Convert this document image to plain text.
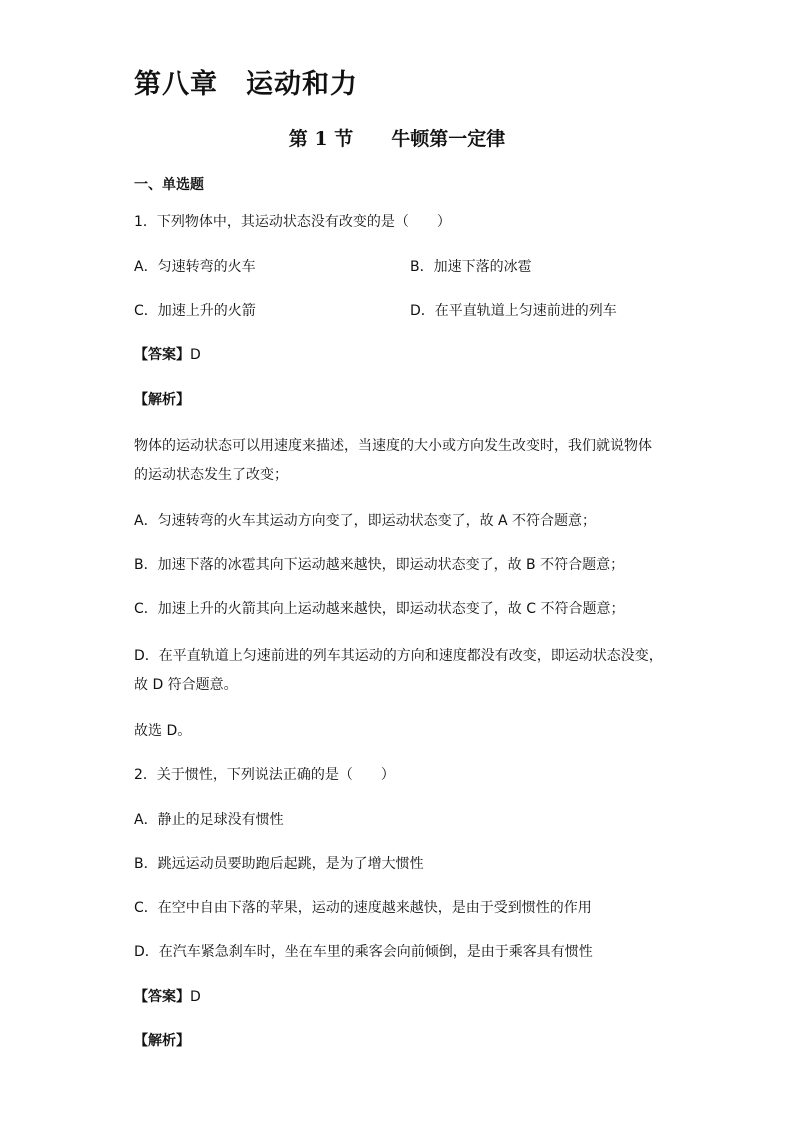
第八章　运动和力
第 1 节　　牛顿第一定律
一、单选题
1．下列物体中，其运动状态没有改变的是（　　）
A．匀速转弯的火车	B．加速下落的冰雹
C．加速上升的火箭	D．在平直轨道上匀速前进的列车
【答案】D
【解析】
物体的运动状态可以用速度来描述，当速度的大小或方向发生改变时，我们就说物体的运动状态发生了改变；
A．匀速转弯的火车其运动方向变了，即运动状态变了，故 A 不符合题意；
B．加速下落的冰雹其向下运动越来越快，即运动状态变了，故 B 不符合题意；
C．加速上升的火箭其向上运动越来越快，即运动状态变了，故 C 不符合题意；
D．在平直轨道上匀速前进的列车其运动的方向和速度都没有改变，即运动状态没变，故 D 符合题意。
故选 D。
2．关于惯性，下列说法正确的是（　　）
A．静止的足球没有惯性
B．跳远运动员要助跑后起跳，是为了增大惯性
C．在空中自由下落的苹果，运动的速度越来越快，是由于受到惯性的作用
D．在汽车紧急刹车时，坐在车里的乘客会向前倾倒，是由于乘客具有惯性
【答案】D
【解析】
